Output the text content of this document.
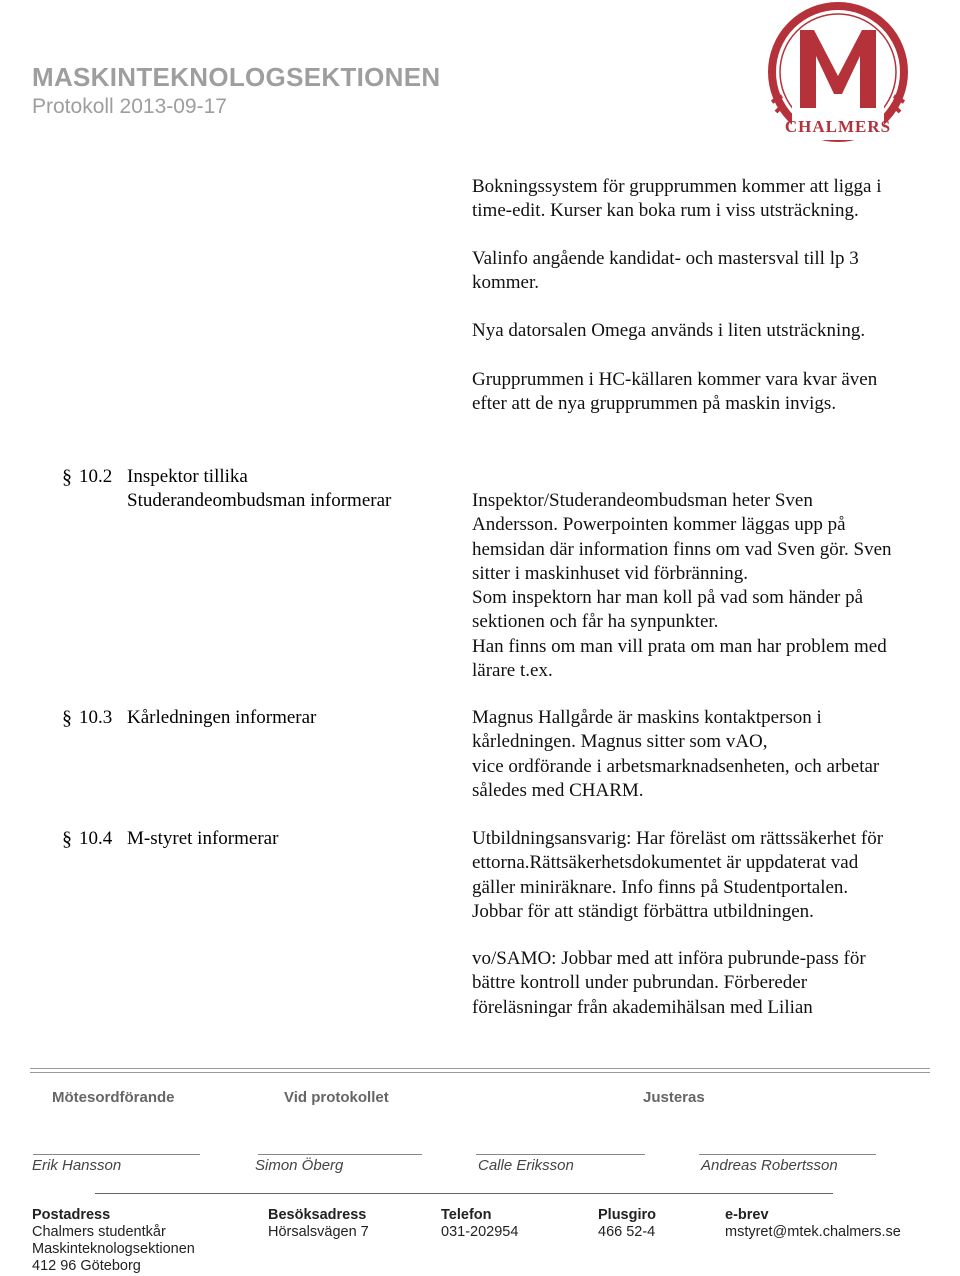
MASKINTEKNOLOGSEKTIONEN
Protokoll 2013-09-17
CHALMERS
Bokningssystem för grupprummen kommer att ligga i
time-edit. Kurser kan boka rum i viss utsträckning.
Valinfo angående kandidat- och mastersval till lp 3
kommer.
Nya datorsalen Omega används i liten utsträckning.
Grupprummen i HC-källaren kommer vara kvar även
efter att de nya grupprummen på maskin invigs.
§ 10.2 Inspektor tillika
Studerandeombudsman informerar	Inspektor/Studerandeombudsman heter Sven
Andersson. Powerpointen kommer läggas upp på
hemsidan där information finns om vad Sven gör. Sven
sitter i maskinhuset vid förbränning.
Som inspektorn har man koll på vad som händer på
sektionen och får ha synpunkter.
Han finns om man vill prata om man har problem med
lärare t.ex.
§ 10.3 Kårledningen informerar	Magnus Hallgårde är maskins kontaktperson i
kårledningen. Magnus sitter som vAO,
vice ordförande i arbetsmarknadsenheten, och arbetar
således med CHARM.
§ 10.4 M-styret informerar	Utbildningsansvarig: Har föreläst om rättssäkerhet för
ettorna.Rättsäkerhetsdokumentet är uppdaterat vad
gäller miniräknare. Info finns på Studentportalen.
Jobbar för att ständigt förbättra utbildningen.
vo/SAMO: Jobbar med att införa pubrunde-pass för
bättre kontroll under pubrundan. Förbereder
föreläsningar från akademihälsan med Lilian
Mötesordförande	Vid protokollet	Justeras
Erik Hansson	Simon Öberg	Calle Eriksson	Andreas Robertsson
Postadress
Chalmers studentkår
Maskinteknologsektionen
412 96 Göteborg
Besöksadress
Hörsalsvägen 7
Telefon
031-202954
Plusgiro
466 52-4
e-brev
mstyret@mtek.chalmers.se
